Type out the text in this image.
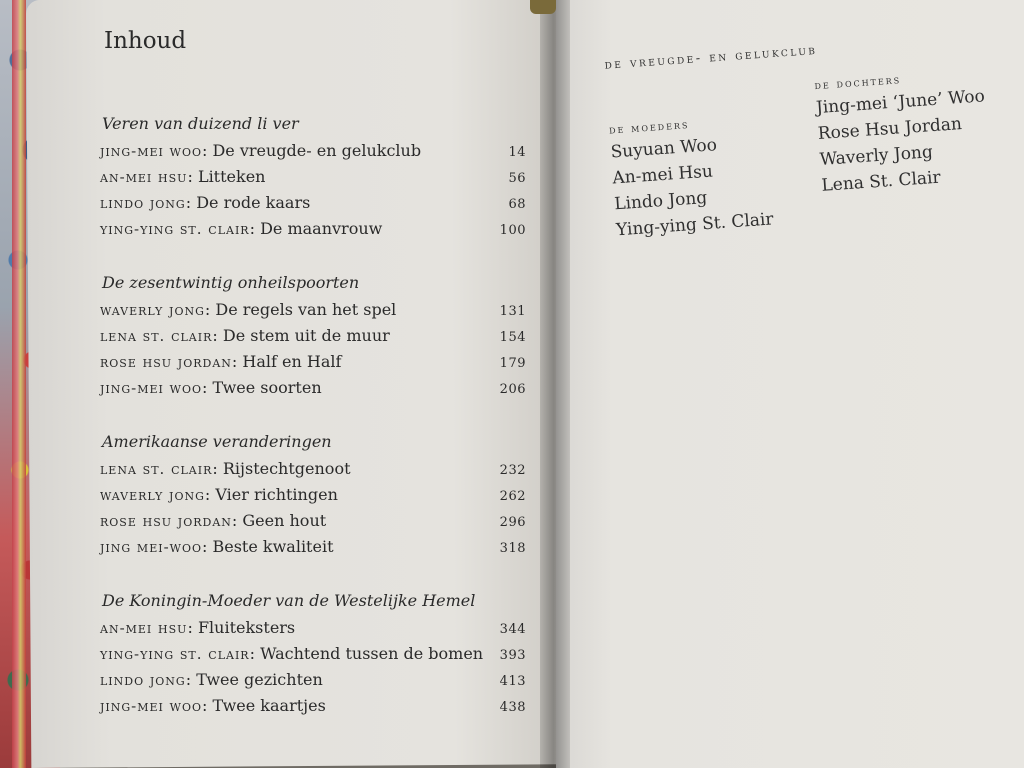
Inhoud
Veren van duizend li ver
jing-mei woo: De vreugde- en gelukclub	14
an-mei hsu: Litteken	56
lindo jong: De rode kaars	68
ying-ying st. clair: De maanvrouw	100
De zesentwintig onheilspoorten
waverly jong: De regels van het spel	131
lena st. clair: De stem uit de muur	154
rose hsu jordan: Half en Half	179
jing-mei woo: Twee soorten	206
Amerikaanse veranderingen
lena st. clair: Rijstechtgenoot	232
waverly jong: Vier richtingen	262
rose hsu jordan: Geen hout	296
jing mei-woo: Beste kwaliteit	318
De Koningin-Moeder van de Westelijke Hemel
an-mei hsu: Fluiteksters	344
ying-ying st. clair: Wachtend tussen de bomen 393
lindo jong: Twee gezichten	413
jing-mei woo: Twee kaartjes	438
de vreugde- en gelukclub
de moeders
Suyuan Woo
An-mei Hsu
Lindo Jong
Ying-ying St. Clair
de dochters
Jing-mei ‘June’ Woo
Rose Hsu Jordan
Waverly Jong
Lena St. Clair
